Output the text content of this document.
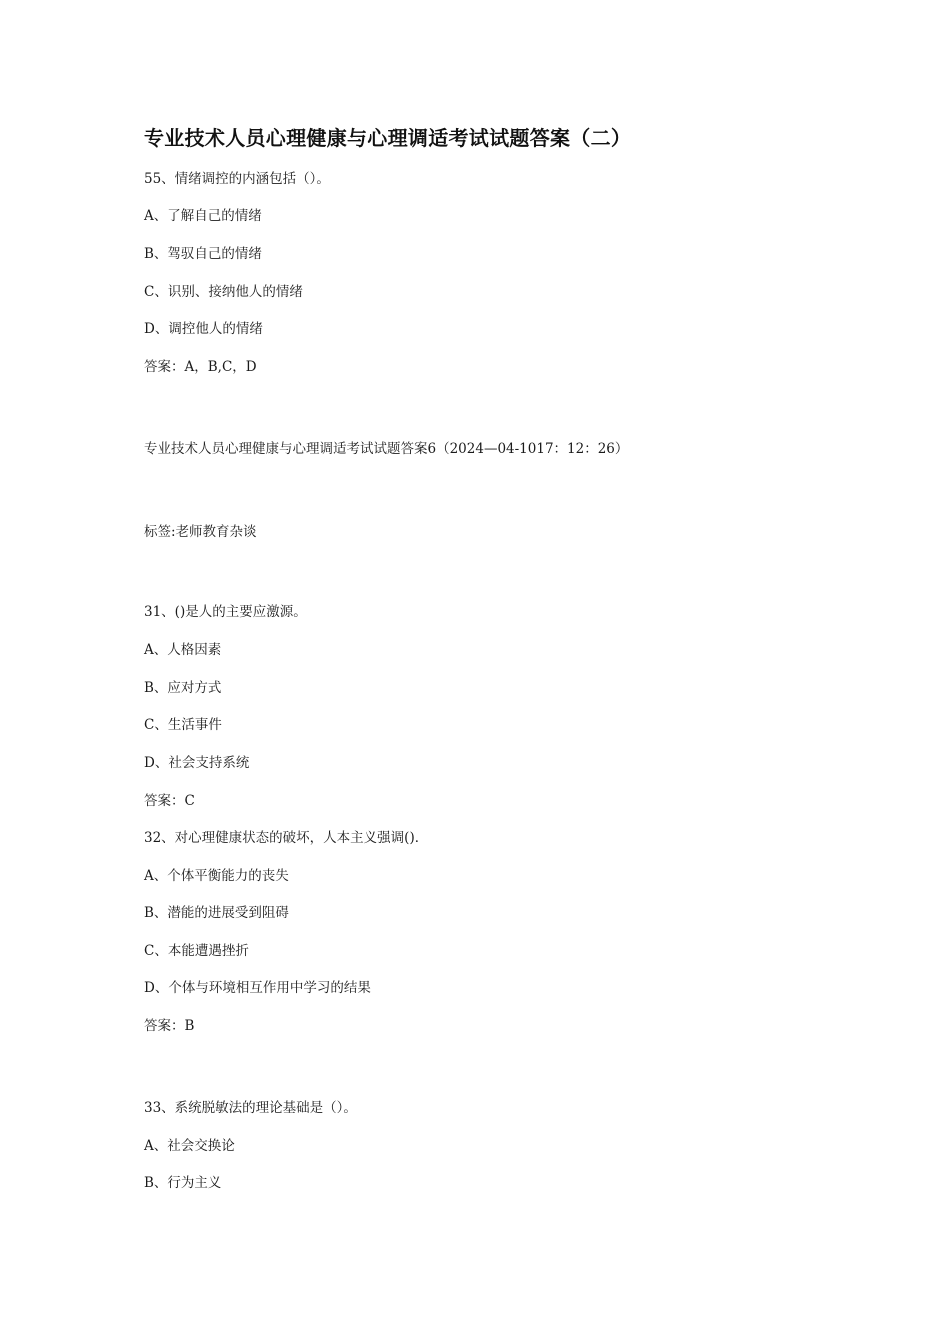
专业技术人员心理健康与心理调适考试试题答案（二）

55、情绪调控的内涵包括（）。

A、了解自己的情绪

B、驾驭自己的情绪

C、识别、接纳他人的情绪

D、调控他人的情绪

答案：A，B,C，D

专业技术人员心理健康与心理调适考试试题答案6（2024—04-1017：12：26）

标签:老师教育杂谈

31、()是人的主要应激源。

A、人格因素

B、应对方式

C、生活事件

D、社会支持系统

答案：C

32、对心理健康状态的破坏，人本主义强调()．

A、个体平衡能力的丧失

B、潜能的进展受到阻碍

C、本能遭遇挫折

D、个体与环境相互作用中学习的结果

答案：B

33、系统脱敏法的理论基础是（）。

A、社会交换论

B、行为主义
